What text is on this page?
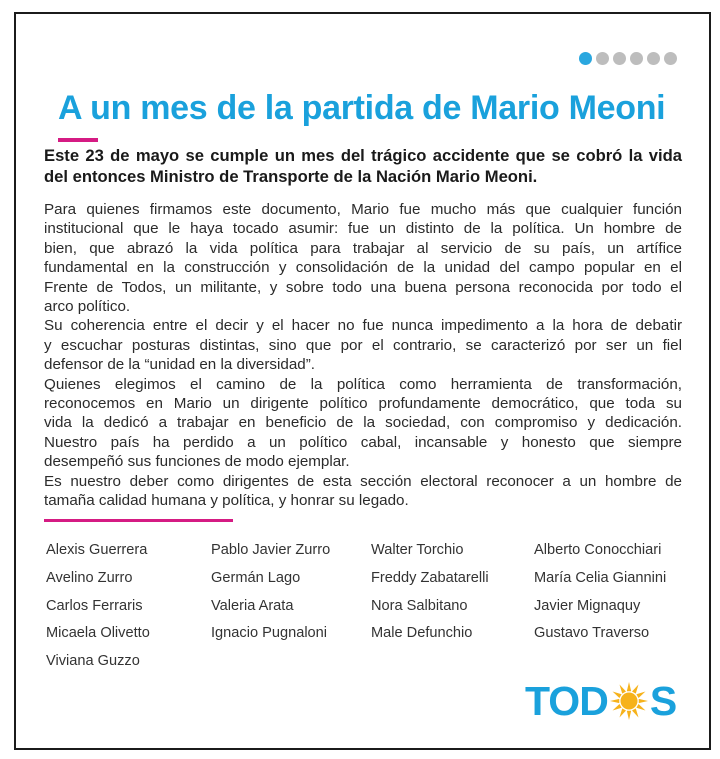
A un mes de la partida de Mario Meoni
Este 23 de mayo se cumple un mes del trágico accidente que se cobró la vida
del entonces Ministro de Transporte de la Nación Mario Meoni.
Para quienes firmamos este documento, Mario fue mucho más que cualquier función
institucional que le haya tocado asumir: fue un distinto de la política. Un hombre de
bien, que abrazó la vida política para trabajar al servicio de su país, un artífice
fundamental en la construcción y consolidación de la unidad del campo popular en el
Frente de Todos, un militante, y sobre todo una buena persona reconocida por todo el
arco político.
Su coherencia entre el decir y el hacer no fue nunca impedimento a la hora de debatir
y escuchar posturas distintas, sino que por el contrario, se caracterizó por ser un fiel
defensor de la “unidad en la diversidad”.
Quienes elegimos el camino de la política como herramienta de transformación,
reconocemos en Mario un dirigente político profundamente democrático, que toda su
vida la dedicó a trabajar en beneficio de la sociedad, con compromiso y dedicación.
Nuestro país ha perdido a un político cabal, incansable y honesto que siempre
desempeñó sus funciones de modo ejemplar.
Es nuestro deber como dirigentes de esta sección electoral reconocer a un hombre de
tamaña calidad humana y política, y honrar su legado.
Alexis Guerrera	Pablo Javier Zurro	Walter Torchio	Alberto Conocchiari
Avelino Zurro	Germán Lago	Freddy Zabatarelli	María Celia Giannini
Carlos Ferraris	Valeria Arata	Nora Salbitano	Javier Mignaquy
Micaela Olivetto	Ignacio Pugnaloni	Male Defunchio	Gustavo Traverso
Viviana Guzzo
TOD S
